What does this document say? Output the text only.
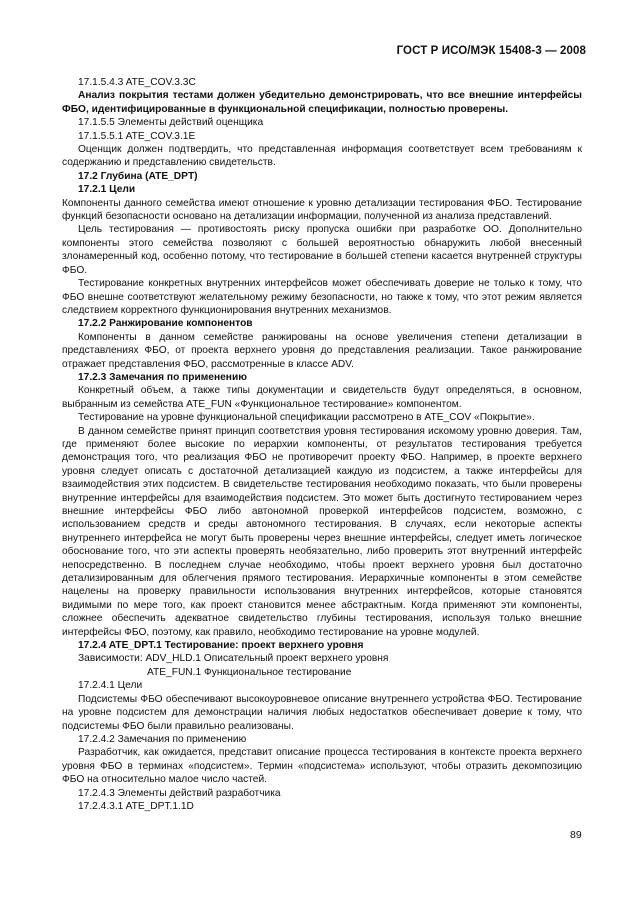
ГОСТ Р ИСО/МЭК 15408-3 — 2008

17.1.5.4.3 ATE_COV.3.3C

Анализ покрытия тестами должен убедительно демонстрировать, что все внешние интерфейсы ФБО, идентифицированные в функциональной спецификации, полностью проверены.

17.1.5.5 Элементы действий оценщика

17.1.5.5.1 ATE_COV.3.1E

Оценщик должен подтвердить, что представленная информация соответствует всем требованиям к содержанию и представлению свидетельств.

17.2 Глубина (ATE_DPT)

17.2.1 Цели

Компоненты данного семейства имеют отношение к уровню детализации тестирования ФБО. Тестирование функций безопасности основано на детализации информации, полученной из анализа представлений.

Цель тестирования — противостоять риску пропуска ошибки при разработке ОО. Дополнительно компоненты этого семейства позволяют с большей вероятностью обнаружить любой внесенный злонамеренный код, особенно потому, что тестирование в большей степени касается внутренней структуры ФБО.

Тестирование конкретных внутренних интерфейсов может обеспечивать доверие не только к тому, что ФБО внешне соответствуют желательному режиму безопасности, но также к тому, что этот режим является следствием корректного функционирования внутренних механизмов.

17.2.2 Ранжирование компонентов

Компоненты в данном семействе ранжированы на основе увеличения степени детализации в представлениях ФБО, от проекта верхнего уровня до представления реализации. Такое ранжирование отражает представления ФБО, рассмотренные в классе ADV.

17.2.3 Замечания по применению

Конкретный объем, а также типы документации и свидетельств будут определяться, в основном, выбранным из семейства ATE_FUN «Функциональное тестирование» компонентом.

Тестирование на уровне функциональной спецификации рассмотрено в ATE_COV «Покрытие».

В данном семействе принят принцип соответствия уровня тестирования искомому уровню доверия. Там, где применяют более высокие по иерархии компоненты, от результатов тестирования требуется демонстрация того, что реализация ФБО не противоречит проекту ФБО. Например, в проекте верхнего уровня следует описать с достаточной детализацией каждую из подсистем, а также интерфейсы для взаимодействия этих подсистем. В свидетельстве тестирования необходимо показать, что были проверены внутренние интерфейсы для взаимодействия подсистем. Это может быть достигнуто тестированием через внешние интерфейсы ФБО либо автономной проверкой интерфейсов подсистем, возможно, с использованием средств и среды автономного тестирования. В случаях, если некоторые аспекты внутреннего интерфейса не могут быть проверены через внешние интерфейсы, следует иметь логическое обоснование того, что эти аспекты проверять необязательно, либо проверить этот внутренний интерфейс непосредственно. В последнем случае необходимо, чтобы проект верхнего уровня был достаточно детализированным для облегчения прямого тестирования. Иерархичные компоненты в этом семействе нацелены на проверку правильности использования внутренних интерфейсов, которые становятся видимыми по мере того, как проект становится менее абстрактным. Когда применяют эти компоненты, сложнее обеспечить адекватное свидетельство глубины тестирования, используя только внешние интерфейсы ФБО, поэтому, как правило, необходимо тестирование на уровне модулей.

17.2.4 ATE_DPT.1 Тестирование: проект верхнего уровня

Зависимости: ADV_HLD.1 Описательный проект верхнего уровня

ATE_FUN.1 Функциональное тестирование

17.2.4.1 Цели

Подсистемы ФБО обеспечивают высокоуровневое описание внутреннего устройства ФБО. Тестирование на уровне подсистем для демонстрации наличия любых недостатков обеспечивает доверие к тому, что подсистемы ФБО были правильно реализованы.

17.2.4.2 Замечания по применению

Разработчик, как ожидается, представит описание процесса тестирования в контексте проекта верхнего уровня ФБО в терминах «подсистем». Термин «подсистема» используют, чтобы отразить декомпозицию ФБО на относительно малое число частей.

17.2.4.3 Элементы действий разработчика

17.2.4.3.1 ATE_DPT.1.1D

89
